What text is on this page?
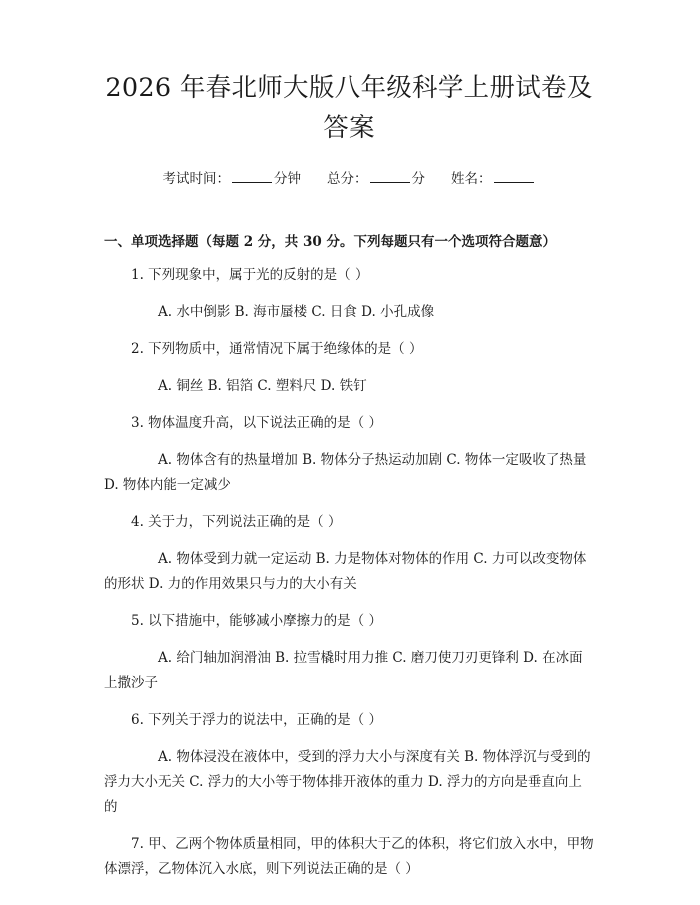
2026 年春北师大版八年级科学上册试卷及答案
考试时间：	分钟 总分：	分 姓名：
一、单项选择题（每题 2 分，共 30 分。下列每题只有一个选项符合题意）

1. 下列现象中，属于光的反射的是（ ）

A. 水中倒影 B. 海市蜃楼 C. 日食 D. 小孔成像

2. 下列物质中，通常情况下属于绝缘体的是（ ）

A. 铜丝 B. 铝箔 C. 塑料尺 D. 铁钉

3. 物体温度升高，以下说法正确的是（ ）

A. 物体含有的热量增加 B. 物体分子热运动加剧 C. 物体一定吸收了热量 D. 物体内能一定减少

4. 关于力，下列说法正确的是（ ）

A. 物体受到力就一定运动 B. 力是物体对物体的作用 C. 力可以改变物体的形状 D. 力的作用效果只与力的大小有关

5. 以下措施中，能够减小摩擦力的是（ ）

A. 给门轴加润滑油 B. 拉雪橇时用力推 C. 磨刀使刀刃更锋利 D. 在冰面上撒沙子

6. 下列关于浮力的说法中，正确的是（ ）

A. 物体浸没在液体中，受到的浮力大小与深度有关 B. 物体浮沉与受到的浮力大小无关 C. 浮力的大小等于物体排开液体的重力 D. 浮力的方向是垂直向上的

7. 甲、乙两个物体质量相同，甲的体积大于乙的体积，将它们放入水中，甲物体漂浮，乙物体沉入水底，则下列说法正确的是（ ）
